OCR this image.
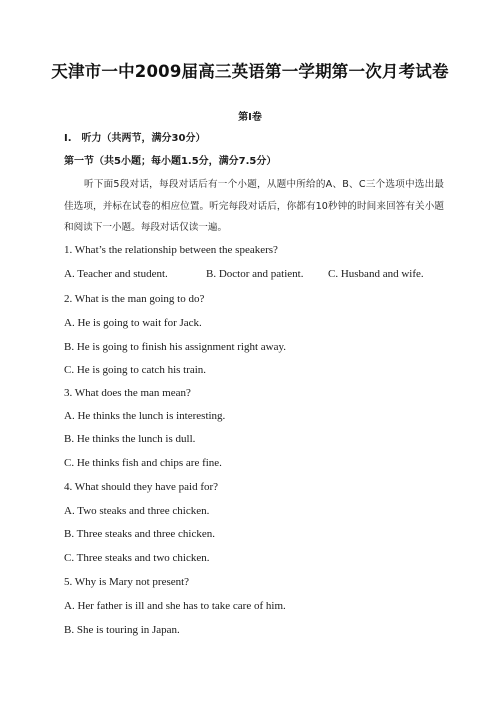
天津市一中2009届高三英语第一学期第一次月考试卷
第Ⅰ卷
I. 听力（共两节，满分30分）
第一节（共5小题；每小题1.5分，满分7.5分）

听下面5段对话，每段对话后有一个小题，从题中所给的A、B、C三个选项中选出最佳选项，并标在试卷的相应位置。听完每段对话后，你都有10秒钟的时间来回答有关小题和阅读下一小题。每段对话仅读一遍。

1. What’s the relationship between the speakers?
A. Teacher and student.	B. Doctor and patient. C. Husband and wife.
2. What is the man going to do?
A. He is going to wait for Jack.
B. He is going to finish his assignment right away.
C. He is going to catch his train.
3. What does the man mean?
A. He thinks the lunch is interesting.
B. He thinks the lunch is dull.
C. He thinks fish and chips are fine.
4. What should they have paid for?
A. Two steaks and three chicken.
B. Three steaks and three chicken.
C. Three steaks and two chicken.
5. Why is Mary not present?
A. Her father is ill and she has to take care of him.
B. She is touring in Japan.
